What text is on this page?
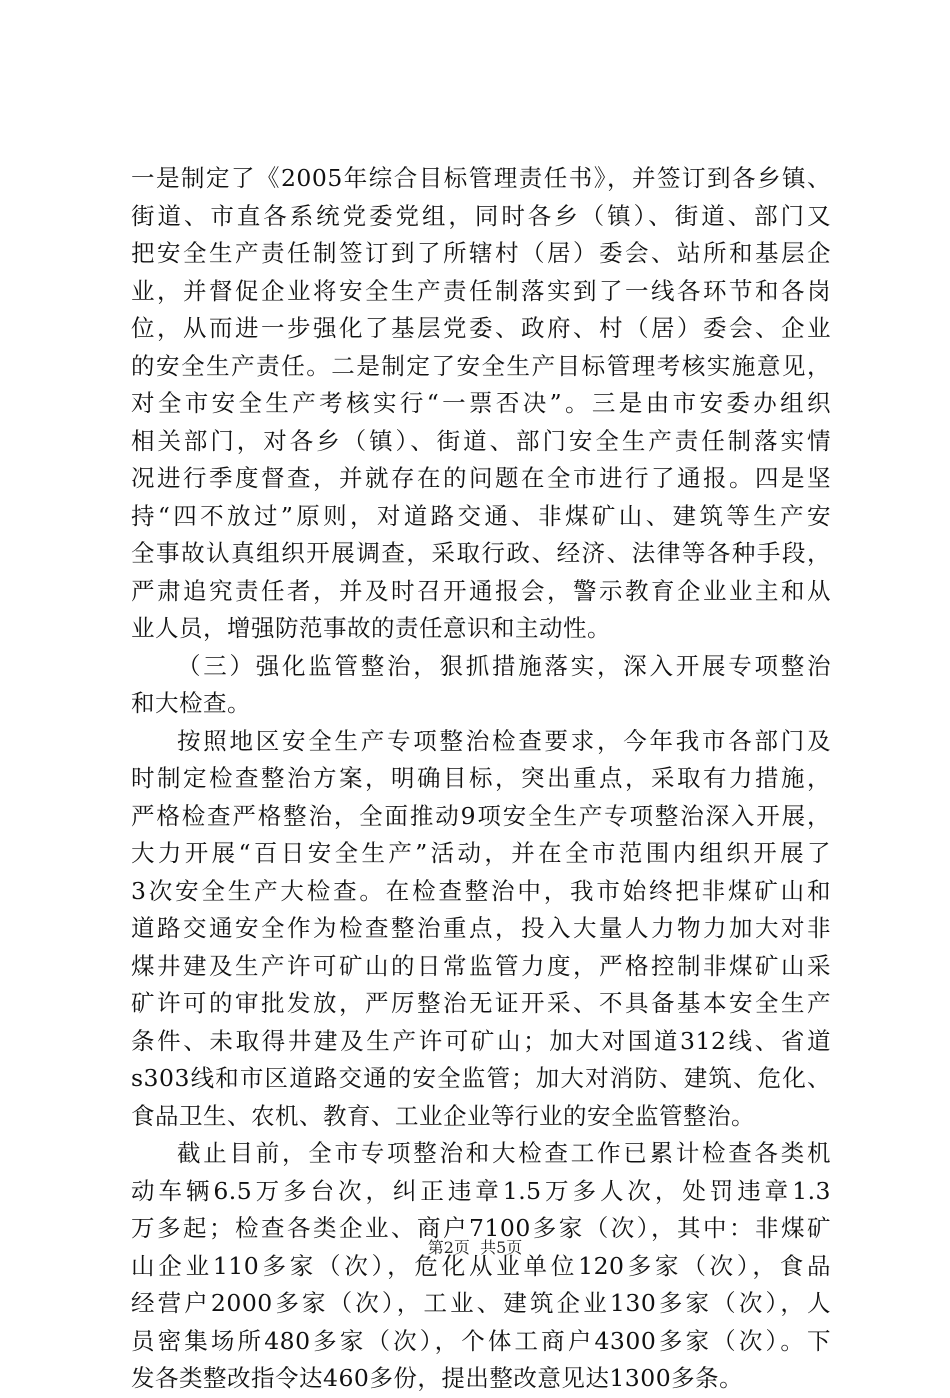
一是制定了《2005年综合目标管理责任书》，并签订到各乡镇、
街道、市直各系统党委党组，同时各乡（镇）、街道、部门又
把安全生产责任制签订到了所辖村（居）委会、站所和基层企
业，并督促企业将安全生产责任制落实到了一线各环节和各岗
位，从而进一步强化了基层党委、政府、村（居）委会、企业
的安全生产责任。二是制定了安全生产目标管理考核实施意见，
对全市安全生产考核实行“一票否决”。三是由市安委办组织
相关部门，对各乡（镇）、街道、部门安全生产责任制落实情
况进行季度督查，并就存在的问题在全市进行了通报。四是坚
持“四不放过”原则，对道路交通、非煤矿山、建筑等生产安
全事故认真组织开展调查，采取行政、经济、法律等各种手段，
严肃追究责任者，并及时召开通报会，警示教育企业业主和从
业人员，增强防范事故的责任意识和主动性。
（三）强化监管整治，狠抓措施落实，深入开展专项整治
和大检查。
按照地区安全生产专项整治检查要求，今年我市各部门及
时制定检查整治方案，明确目标，突出重点，采取有力措施，
严格检查严格整治，全面推动9项安全生产专项整治深入开展，
大力开展“百日安全生产”活动，并在全市范围内组织开展了
3次安全生产大检查。在检查整治中，我市始终把非煤矿山和
道路交通安全作为检查整治重点，投入大量人力物力加大对非
煤井建及生产许可矿山的日常监管力度，严格控制非煤矿山采
矿许可的审批发放，严厉整治无证开采、不具备基本安全生产
条件、未取得井建及生产许可矿山；加大对国道312线、省道
s303线和市区道路交通的安全监管；加大对消防、建筑、危化、
食品卫生、农机、教育、工业企业等行业的安全监管整治。
截止目前，全市专项整治和大检查工作已累计检查各类机
动车辆6.5万多台次，纠正违章1.5万多人次，处罚违章1.3
万多起；检查各类企业、商户7100多家（次），其中：非煤矿
山企业110多家（次），危化从业单位120多家（次），食品
经营户2000多家（次），工业、建筑企业130多家（次），人
员密集场所480多家（次），个体工商户4300多家（次）。下
发各类整改指令达460多份，提出整改意见达1300多条。
第2页  共5页
